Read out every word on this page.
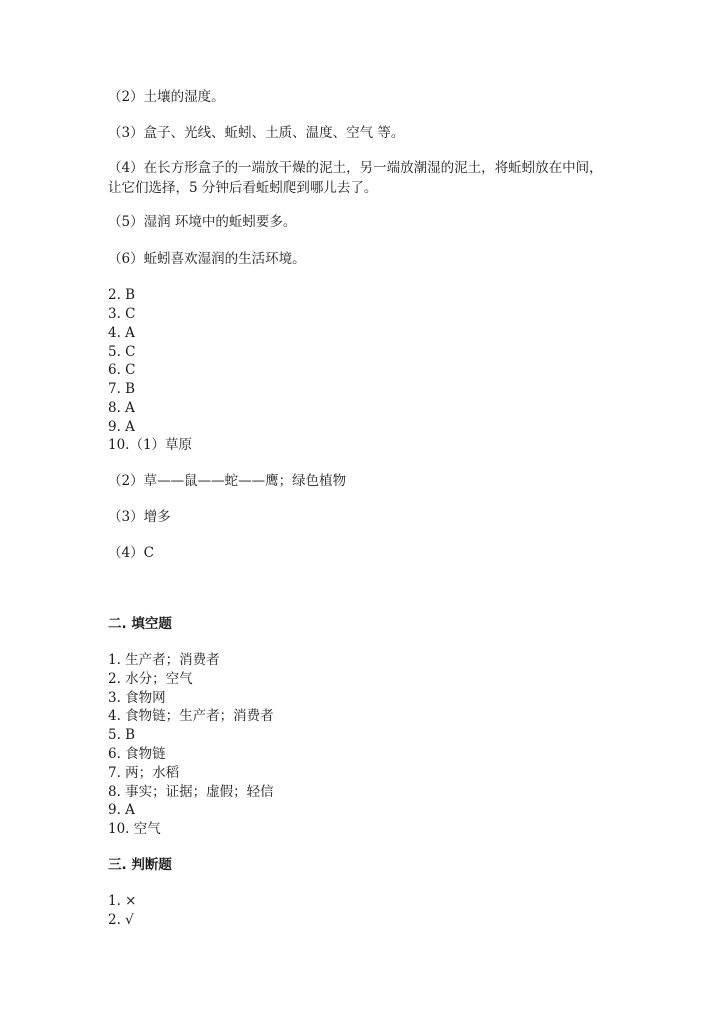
（2）土壤的湿度。
（3）盒子、光线、蚯蚓、土质、温度、空气 等。
（4）在长方形盒子的一端放干燥的泥土，另一端放潮湿的泥土，将蚯蚓放在中间，让它们选择，5 分钟后看蚯蚓爬到哪儿去了。
（5）湿润 环境中的蚯蚓要多。
（6）蚯蚓喜欢湿润的生活环境。
2. B
3. C
4. A
5. C
6. C
7. B
8. A
9. A
10.（1）草原
（2）草——鼠——蛇——鹰；绿色植物
（3）增多
（4）C
二. 填空题
1. 生产者；消费者
2. 水分；空气
3. 食物网
4. 食物链；生产者；消费者
5. B
6. 食物链
7. 两；水稻
8. 事实；证据；虚假；轻信
9. A
10. 空气
三. 判断题
1. ×
2. √
